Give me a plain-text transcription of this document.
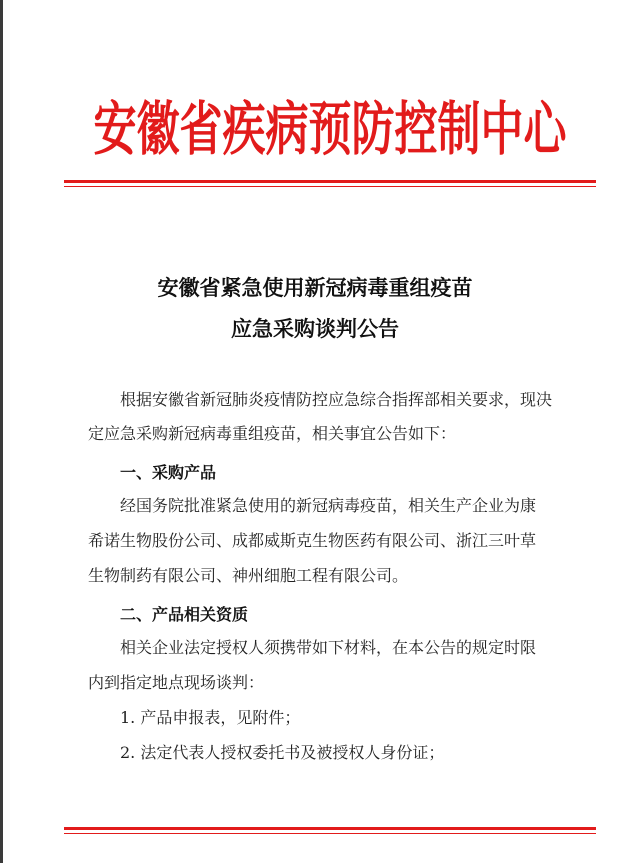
安徽省疾病预防控制中心
安徽省紧急使用新冠病毒重组疫苗
应急采购谈判公告
根据安徽省新冠肺炎疫情防控应急综合指挥部相关要求，现决
定应急采购新冠病毒重组疫苗，相关事宜公告如下：
一、采购产品
经国务院批准紧急使用的新冠病毒疫苗，相关生产企业为康
希诺生物股份公司、成都威斯克生物医药有限公司、浙江三叶草
生物制药有限公司、神州细胞工程有限公司。
二、产品相关资质
相关企业法定授权人须携带如下材料，在本公告的规定时限
内到指定地点现场谈判：
1. 产品申报表，见附件；
2. 法定代表人授权委托书及被授权人身份证；
